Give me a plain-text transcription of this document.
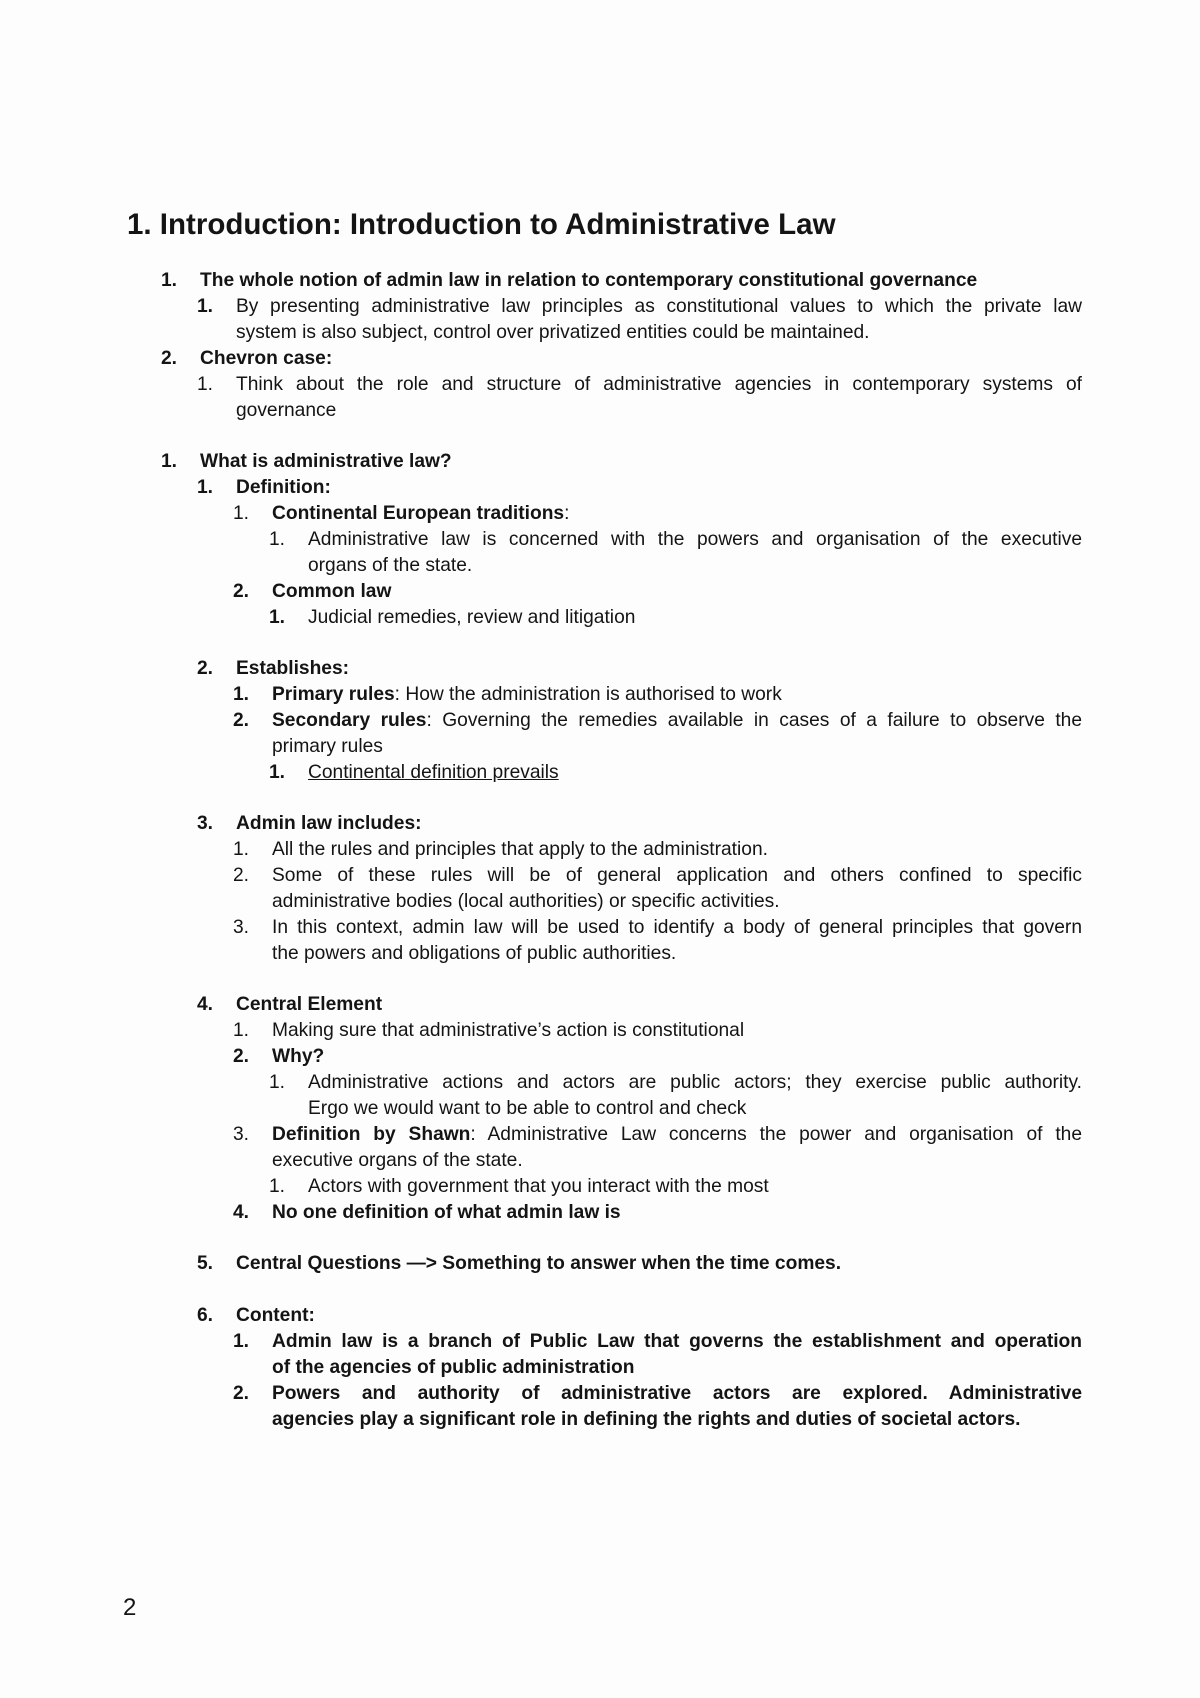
1. Introduction: Introduction to Administrative Law
1. The whole notion of admin law in relation to contemporary constitutional governance
1. By presenting administrative law principles as constitutional values to which the private law
system is also subject, control over privatized entities could be maintained.
2. Chevron case:
1. Think about the role and structure of administrative agencies in contemporary systems of
governance
1. What is administrative law?
1. Definition:
1. Continental European traditions:
1. Administrative law is concerned with the powers and organisation of the executive
organs of the state.
2. Common law
1. Judicial remedies, review and litigation
2. Establishes:
1. Primary rules: How the administration is authorised to work
2. Secondary rules: Governing the remedies available in cases of a failure to observe the
primary rules
1. Continental definition prevails
3. Admin law includes:
1. All the rules and principles that apply to the administration.
2. Some of these rules will be of general application and others confined to specific
administrative bodies (local authorities) or specific activities.
3. In this context, admin law will be used to identify a body of general principles that govern
the powers and obligations of public authorities.
4. Central Element
1. Making sure that administrative’s action is constitutional
2. Why?
1. Administrative actions and actors are public actors; they exercise public authority.
Ergo we would want to be able to control and check
3. Definition by Shawn: Administrative Law concerns the power and organisation of the
executive organs of the state.
1. Actors with government that you interact with the most
4. No one definition of what admin law is
5. Central Questions —> Something to answer when the time comes.
6. Content:
1. Admin law is a branch of Public Law that governs the establishment and operation
of the agencies of public administration
2. Powers and authority of administrative actors are explored. Administrative
agencies play a significant role in defining the rights and duties of societal actors.
2
